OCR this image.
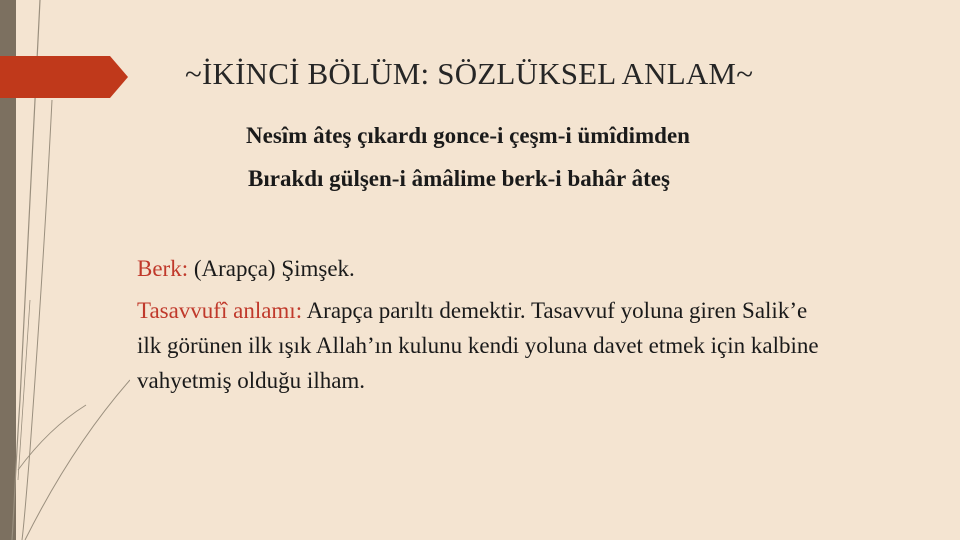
~İKİNCİ BÖLÜM: SÖZLÜKSEL ANLAM~
Nesîm âteş çıkardı gonce-i çeşm-i ümîdimden
Bırakdı gülşen-i âmâlime berk-i bahâr âteş
Berk: (Arapça) Şimşek.
Tasavvufî anlamı: Arapça parıltı demektir. Tasavvuf yoluna giren Salik’e ilk görünen ilk ışık Allah’ın kulunu kendi yoluna davet etmek için kalbine vahyetmiş olduğu ilham.
